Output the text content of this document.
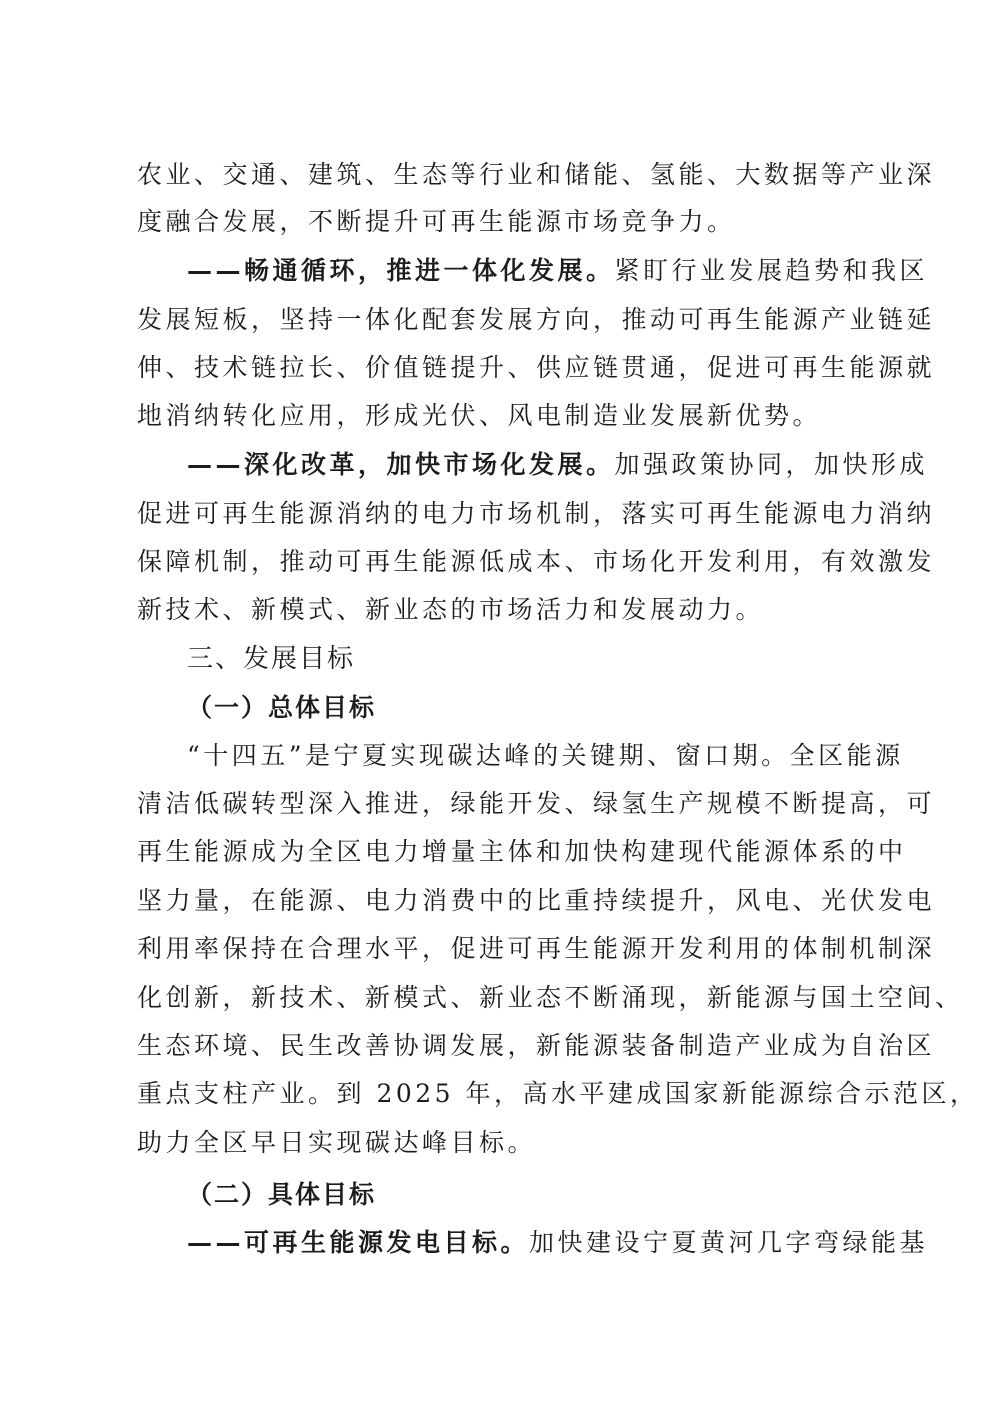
农业、交通、建筑、生态等行业和储能、氢能、大数据等产业深
度融合发展，不断提升可再生能源市场竞争力。
——畅通循环，推进一体化发展。紧盯行业发展趋势和我区
发展短板，坚持一体化配套发展方向，推动可再生能源产业链延
伸、技术链拉长、价值链提升、供应链贯通，促进可再生能源就
地消纳转化应用，形成光伏、风电制造业发展新优势。
——深化改革，加快市场化发展。加强政策协同，加快形成
促进可再生能源消纳的电力市场机制，落实可再生能源电力消纳
保障机制，推动可再生能源低成本、市场化开发利用，有效激发
新技术、新模式、新业态的市场活力和发展动力。
三、发展目标
（一）总体目标
“十四五”是宁夏实现碳达峰的关键期、窗口期。全区能源
清洁低碳转型深入推进，绿能开发、绿氢生产规模不断提高，可
再生能源成为全区电力增量主体和加快构建现代能源体系的中
坚力量，在能源、电力消费中的比重持续提升，风电、光伏发电
利用率保持在合理水平，促进可再生能源开发利用的体制机制深
化创新，新技术、新模式、新业态不断涌现，新能源与国土空间、
生态环境、民生改善协调发展，新能源装备制造产业成为自治区
重点支柱产业。到 2025 年，高水平建成国家新能源综合示范区，
助力全区早日实现碳达峰目标。
（二）具体目标
——可再生能源发电目标。加快建设宁夏黄河几字弯绿能基
